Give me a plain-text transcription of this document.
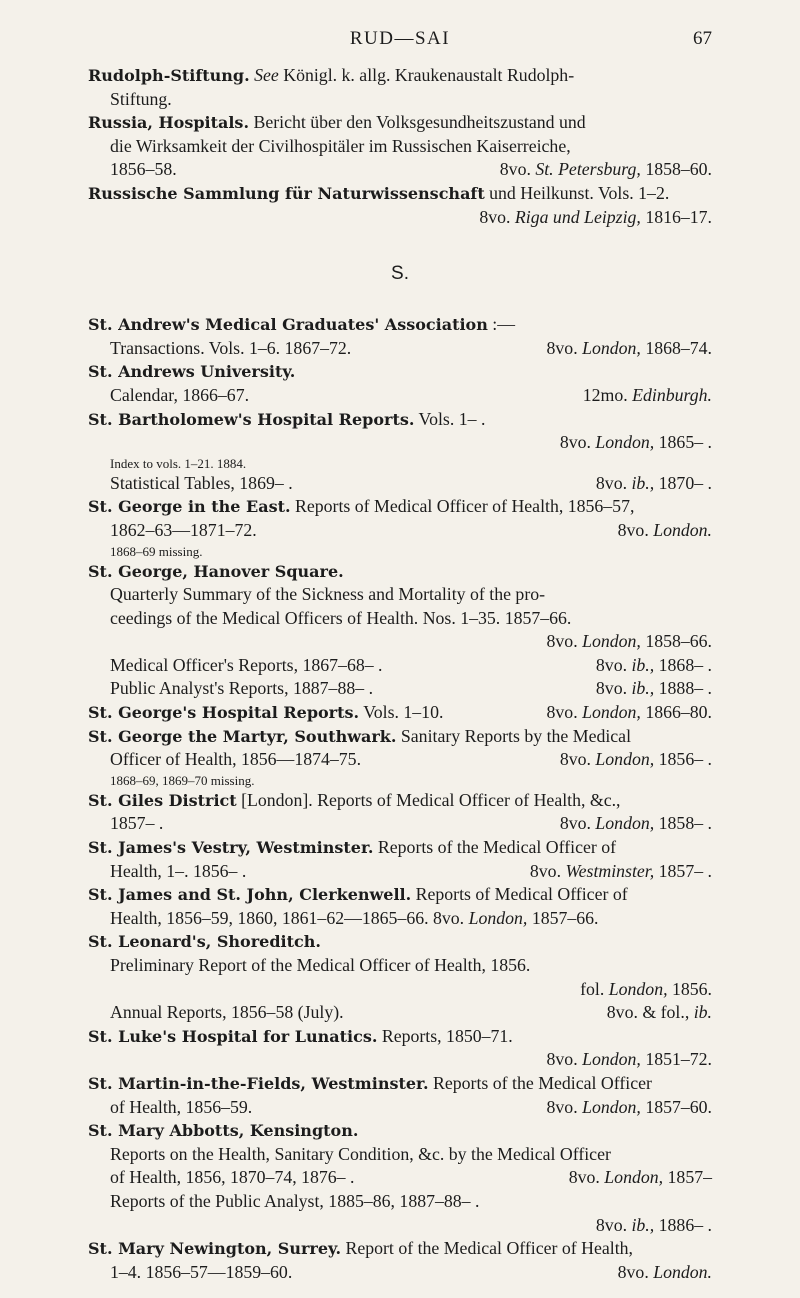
RUD—SAI	67
Rudolph-Stiftung. See Königl. k. allg. Kraukenaustalt Rudolph-
Stiftung.
Russia, Hospitals. Bericht über den Volksgesundheitszustand und
die Wirksamkeit der Civilhospitäler im Russischen Kaiserreiche,
1856–58.	8vo. St. Petersburg, 1858–60.
Russische Sammlung für Naturwissenschaft und Heilkunst. Vols. 1–2.
8vo. Riga und Leipzig, 1816–17.
S.
St. Andrew's Medical Graduates' Association :—
Transactions. Vols. 1–6. 1867–72.	8vo. London, 1868–74.
St. Andrews University.
Calendar, 1866–67.	12mo. Edinburgh.
St. Bartholomew's Hospital Reports. Vols. 1– .
8vo. London, 1865– .
Index to vols. 1–21. 1884.
Statistical Tables, 1869– .	8vo. ib., 1870– .
St. George in the East. Reports of Medical Officer of Health, 1856–57,
1862–63—1871–72.	8vo. London.
1868–69 missing.
St. George, Hanover Square.
Quarterly Summary of the Sickness and Mortality of the pro-
ceedings of the Medical Officers of Health. Nos. 1–35. 1857–66.
8vo. London, 1858–66.
Medical Officer's Reports, 1867–68– .	8vo. ib., 1868– .
Public Analyst's Reports, 1887–88– .	8vo. ib., 1888– .
St. George's Hospital Reports. Vols. 1–10.	8vo. London, 1866–80.
St. George the Martyr, Southwark. Sanitary Reports by the Medical
Officer of Health, 1856—1874–75.	8vo. London, 1856– .
1868–69, 1869–70 missing.
St. Giles District [London]. Reports of Medical Officer of Health, &c.,
1857– .	8vo. London, 1858– .
St. James's Vestry, Westminster. Reports of the Medical Officer of
Health, 1–. 1856– .	8vo. Westminster, 1857– .
St. James and St. John, Clerkenwell. Reports of Medical Officer of
Health, 1856–59, 1860, 1861–62—1865–66. 8vo. London, 1857–66.
St. Leonard's, Shoreditch.
Preliminary Report of the Medical Officer of Health, 1856.
fol. London, 1856.
Annual Reports, 1856–58 (July).	8vo. & fol., ib.
St. Luke's Hospital for Lunatics. Reports, 1850–71.
8vo. London, 1851–72.
St. Martin-in-the-Fields, Westminster. Reports of the Medical Officer
of Health, 1856–59.	8vo. London, 1857–60.
St. Mary Abbotts, Kensington.
Reports on the Health, Sanitary Condition, &c. by the Medical Officer
of Health, 1856, 1870–74, 1876– .	8vo. London, 1857–
Reports of the Public Analyst, 1885–86, 1887–88– .
8vo. ib., 1886– .
St. Mary Newington, Surrey. Report of the Medical Officer of Health,
1–4. 1856–57—1859–60.	8vo. London.
